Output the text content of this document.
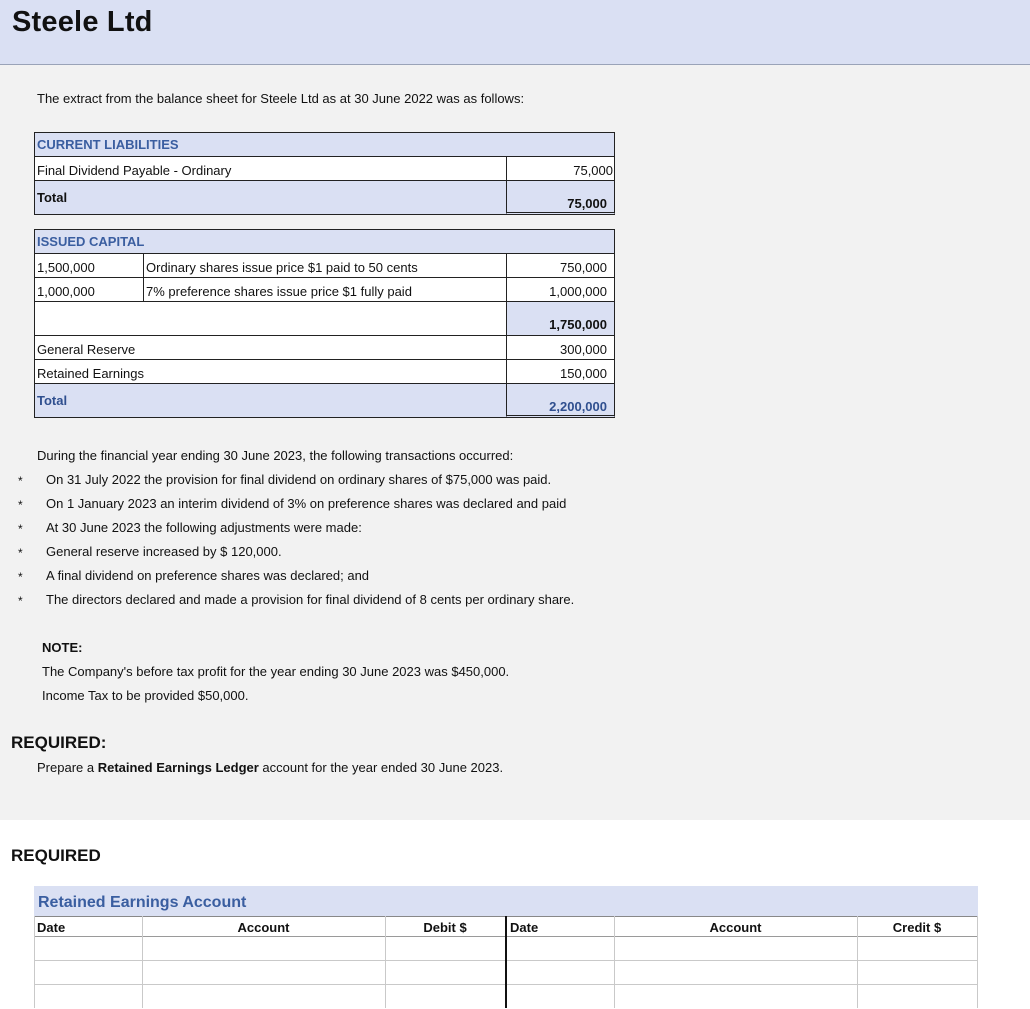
Steele Ltd
The extract from the balance sheet for Steele Ltd as at 30 June 2022 was as follows:
CURRENT LIABILITIES
Final Dividend Payable - Ordinary	75,000
Total	75,000
ISSUED CAPITAL
1,500,000	Ordinary shares issue price $1 paid to 50 cents	750,000
1,000,000	7% preference shares issue price $1 fully paid	1,000,000
1,750,000
General Reserve	300,000
Retained Earnings	150,000
Total	2,200,000
During the financial year ending 30 June 2023, the following transactions occurred:
* On 31 July 2022 the provision for final dividend on ordinary shares of $75,000 was paid.
* On 1 January 2023 an interim dividend of 3% on preference shares was declared and paid
* At 30 June 2023 the following adjustments were made:
* General reserve increased by $ 120,000.
* A final dividend on preference shares was declared; and
* The directors declared and made a provision for final dividend of 8 cents per ordinary share.
NOTE:
The Company's before tax profit for the year ending 30 June 2023 was $450,000.
Income Tax to be provided $50,000.
REQUIRED:
Prepare a Retained Earnings Ledger account for the year ended 30 June 2023.
REQUIRED
Retained Earnings Account
Date	Account	Debit $	Date	Account	Credit $
